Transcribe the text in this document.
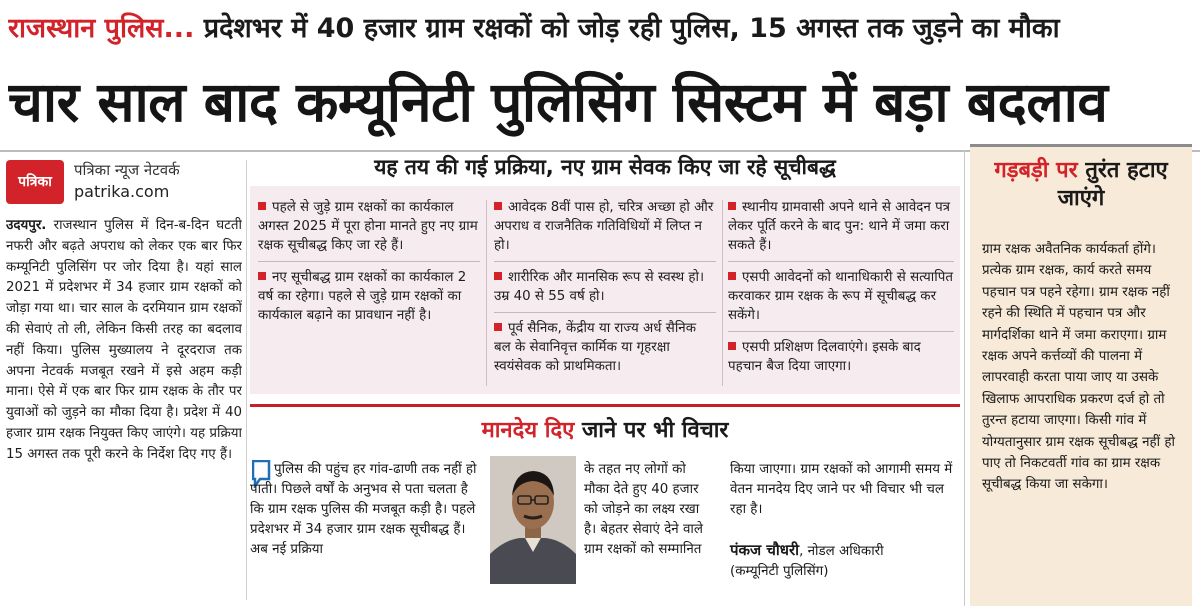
राजस्थान पुलिस... प्रदेशभर में 40 हजार ग्राम रक्षकों को जोड़ रही पुलिस, 15 अगस्त तक जुड़ने का मौका
चार साल बाद कम्यूनिटी पुलिसिंग सिस्टम में बड़ा बदलाव
पत्रिका
पत्रिका न्यूज नेटवर्क
patrika.com
उदयपुर. राजस्थान पुलिस में दिन-ब-दिन घटती नफरी और बढ़ते अपराध को लेकर एक बार फिर कम्यूनिटी पुलिसिंग पर जोर दिया है। यहां साल 2021 में प्रदेशभर में 34 हजार ग्राम रक्षकों को जोड़ा गया था। चार साल के दरमियान ग्राम रक्षकों की सेवाएं तो ली, लेकिन किसी तरह का बदलाव नहीं किया। पुलिस मुख्यालय ने दूरदराज तक अपना नेटवर्क मजबूत रखने में इसे अहम कड़ी माना। ऐसे में एक बार फिर ग्राम रक्षक के तौर पर युवाओं को जुड़ने का मौका दिया है। प्रदेश में 40 हजार ग्राम रक्षक नियुक्त किए जाएंगे। यह प्रक्रिया 15 अगस्त तक पूरी करने के निर्देश दिए गए हैं।
यह तय की गई प्रक्रिया, नए ग्राम सेवक किए जा रहे सूचीबद्ध
पहले से जुड़े ग्राम रक्षकों का कार्यकाल अगस्त 2025 में पूरा होना मानते हुए नए ग्राम रक्षक सूचीबद्ध किए जा रहे हैं।
नए सूचीबद्ध ग्राम रक्षकों का कार्यकाल 2 वर्ष का रहेगा। पहले से जुड़े ग्राम रक्षकों का कार्यकाल बढ़ाने का प्रावधान नहीं है।
आवेदक 8वीं पास हो, चरित्र अच्छा हो और अपराध व राजनैतिक गतिविधियों में लिप्त न हो।
शारीरिक और मानसिक रूप से स्वस्थ हो। उम्र 40 से 55 वर्ष हो।
पूर्व सैनिक, केंद्रीय या राज्य अर्ध सैनिक बल के सेवानिवृत्त कार्मिक या गृहरक्षा स्वयंसेवक को प्राथमिकता।
स्थानीय ग्रामवासी अपने थाने से आवेदन पत्र लेकर पूर्ति करने के बाद पुन: थाने में जमा करा सकते हैं।
एसपी आवेदनों को थानाधिकारी से सत्यापित करवाकर ग्राम रक्षक के रूप में सूचीबद्ध कर सकेंगे।
एसपी प्रशिक्षण दिलवाएंगे। इसके बाद पहचान बैज दिया जाएगा।
मानदेय दिए जाने पर भी विचार
पुलिस की पहुंच हर गांव-ढाणी तक नहीं हो पाती। पिछले वर्षों के अनुभव से पता चलता है कि ग्राम रक्षक पुलिस की मजबूत कड़ी है। पहले प्रदेशभर में 34 हजार ग्राम रक्षक सूचीबद्ध हैं। अब नई प्रक्रिया
के तहत नए लोगों को मौका देते हुए 40 हजार को जोड़ने का लक्ष्य रखा है। बेहतर सेवाएं देने वाले ग्राम रक्षकों को सम्मानित
किया जाएगा। ग्राम रक्षकों को आगामी समय में वेतन मानदेय दिए जाने पर भी विचार भी चल रहा है।
पंकज चौधरी, नोडल अधिकारी
(कम्यूनिटी पुलिसिंग)
गड़बड़ी पर तुरंत हटाए जाएंगे
ग्राम रक्षक अवैतनिक कार्यकर्ता होंगे। प्रत्येक ग्राम रक्षक, कार्य करते समय पहचान पत्र पहने रहेगा। ग्राम रक्षक नहीं रहने की स्थिति में पहचान पत्र और मार्गदर्शिका थाने में जमा कराएगा। ग्राम रक्षक अपने कर्त्तव्यों की पालना में लापरवाही करता पाया जाए या उसके खिलाफ आपराधिक प्रकरण दर्ज हो तो तुरन्त हटाया जाएगा। किसी गांव में योग्यतानुसार ग्राम रक्षक सूचीबद्ध नहीं हो पाए तो निकटवर्ती गांव का ग्राम रक्षक सूचीबद्ध किया जा सकेगा।
